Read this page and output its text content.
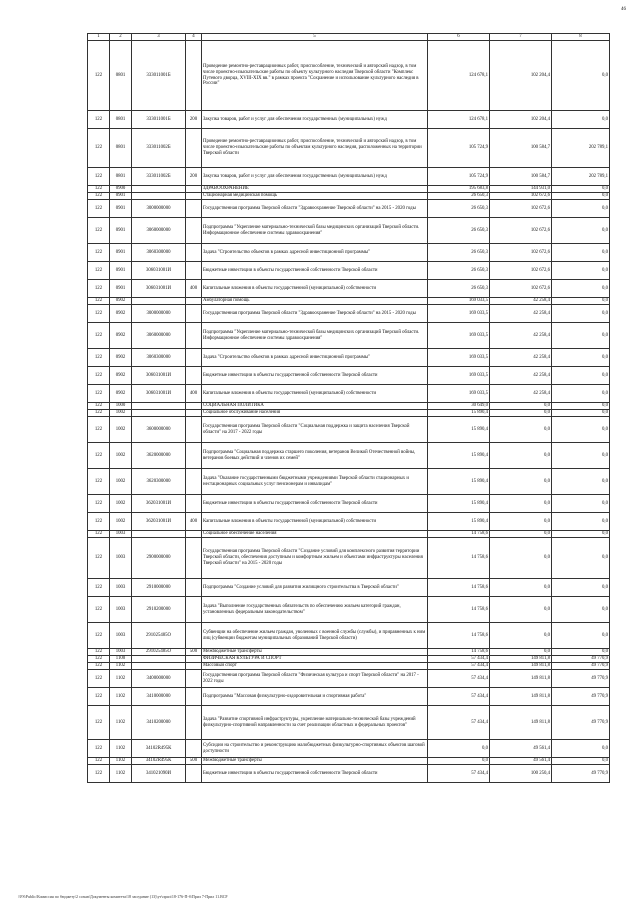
46
1	2	3	4	5	6	7	8
122	0801	333011001Б		Проведение ремонтно-реставрационных работ, приспособление, технический и авторский надзор, в том числе проектно-изыскательские работы по объекту культурного наследия Тверской области "Комплекс Путевого дворца, XVIII-XIX вв." в рамках проекта "Сохранение и использование культурного наследия в России"	124 678,1	102 204,4	0,0
122	0801	333011001Б	200	Закупка товаров, работ и услуг для обеспечения государственных (муниципальных) нужд	124 678,1	102 204,4	0,0
122	0801	333011002Б		Проведение ремонтно-реставрационных работ, приспособление, технический и авторский надзор, в том числе проектно-изыскательские работы по объектам культурного наследия, расположенных на территории Тверской области	105 724,9	100 584,7	202 789,1
122	0801	333011002Б	200	Закупка товаров, работ и услуг для обеспечения государственных (муниципальных) нужд	105 724,9	100 584,7	202 789,1
122	0900			ЗДРАВООХРАНЕНИЕ	195 683,8	144 931,0	0,0
122	0901			Стационарная медицинская помощь	26 650,3	102 672,6	0,0
122	0901	3000000000		Государственная программа Тверской области "Здравоохранение Тверской области" на 2015 - 2020 годы	26 650,3	102 672,6	0,0
122	0901	3060000000		Подпрограмма "Укрепление материально-технической базы медицинских организаций Тверской области. Информационное обеспечение системы здравоохранения"	26 650,3	102 672,6	0,0
122	0901	3060300000		Задача "Строительство объектов в рамках адресной инвестиционной программы"	26 650,3	102 672,6	0,0
122	0901	306031001И		Бюджетные инвестиции в объекты государственной собственности Тверской области	26 650,3	102 672,6	0,0
122	0901	306031001И	400	Капитальные вложения в объекты государственной (муниципальной) собственности	26 650,3	102 672,6	0,0
122	0902			Амбулаторная помощь	169 033,5	42 258,4	0,0
122	0902	3000000000		Государственная программа Тверской области "Здравоохранение Тверской области" на 2015 - 2020 годы	169 033,5	42 258,4	0,0
122	0902	3060000000		Подпрограмма "Укрепление материально-технической базы медицинских организаций Тверской области. Информационное обеспечение системы здравоохранения"	169 033,5	42 258,4	0,0
122	0902	3060300000		Задача "Строительство объектов в рамках адресной инвестиционной программы"	169 033,5	42 258,4	0,0
122	0902	306031001И		Бюджетные инвестиции в объекты государственной собственности Тверской области	169 033,5	42 258,4	0,0
122	0902	306031001И	400	Капитальные вложения в объекты государственной (муниципальной) собственности	169 033,5	42 258,4	0,0
122	1000			СОЦИАЛЬНАЯ ПОЛИТИКА	30 649,0	0,0	0,0
122	1002			Социальное обслуживание населения	15 890,4	0,0	0,0
122	1002	3600000000		Государственная программа Тверской области "Социальная поддержка и защита населения Тверской области" на 2017 - 2022 годы	15 890,4	0,0	0,0
122	1002	3620000000		Подпрограмма "Социальная поддержка старшего поколения, ветеранов Великой Отечественной войны, ветеранов боевых действий и членов их семей"	15 890,4	0,0	0,0
122	1002	3620300000		Задача "Оказание государственными бюджетными учреждениями Тверской области стационарных и нестационарных социальных услуг пенсионерам и инвалидам"	15 890,4	0,0	0,0
122	1002	362031001И		Бюджетные инвестиции в объекты государственной собственности Тверской области	15 890,4	0,0	0,0
122	1002	362031001И	400	Капитальные вложения в объекты государственной (муниципальной) собственности	15 890,4	0,0	0,0
122	1003			Социальное обеспечение населения	14 758,6	0,0	0,0
122	1003	2900000000		Государственная программа Тверской области "Создание условий для комплексного развития территории Тверской области, обеспечения доступным и комфортным жильем и объектами инфраструктуры населения Тверской области" на 2015 - 2020 годы	14 758,6	0,0	0,0
122	1003	2910000000		Подпрограмма "Создание условий для развития жилищного строительства в Тверской области"	14 758,6	0,0	0,0
122	1003	2910200000		Задача "Выполнение государственных обязательств по обеспечению жильем категорий граждан, установленных федеральным законодательством"	14 758,6	0,0	0,0
122	1003	291025485О		Субвенции на обеспечение жильем граждан, уволенных с военной службы (службы), и приравненных к ним лиц (субвенции бюджетам муниципальных образований Тверской области)	14 758,6	0,0	0,0
122	1003	291025485О	500	Межбюджетные трансферты	14 758,6	0,0	0,0
122	1100			ФИЗИЧЕСКАЯ КУЛЬТУРА И СПОРТ	57 434,4	149 811,8	49 770,9
122	1102			Массовый спорт	57 434,4	149 811,8	49 770,9
122	1102	3400000000		Государственная программа Тверской области "Физическая культура и спорт Тверской области" на 2017 - 2022 годы	57 434,4	149 811,8	49 770,9
122	1102	3410000000		Подпрограмма "Массовая физкультурно-оздоровительная и спортивная работа"	57 434,4	149 811,8	49 770,9
122	1102	3410200000		Задача "Развитие спортивной инфраструктуры, укрепление материально-технической базы учреждений физкультурно-спортивной направленности за счет реализации областных и федеральных проектов"	57 434,4	149 811,8	49 770,9
122	1102	34102R495К		Субсидии на строительство и реконструкцию малобюджетных физкультурно-спортивных объектов шаговой доступности	0,0	49 561,4	0,0
122	1102	34102R495К	500	Межбюджетные трансферты	0,0	49 561,4	0,0
122	1102	341021090И		Бюджетные инвестиции в объекты государственной собственности Тверской области	57 434,4	100 250,4	49 770,9
\\FS\Public\Комиссия по бюджету\2 созыв\Документы комитета\18 заседание (13)\ут\прил\18-176-П-б\Прил 7-Прил 11.BCF
